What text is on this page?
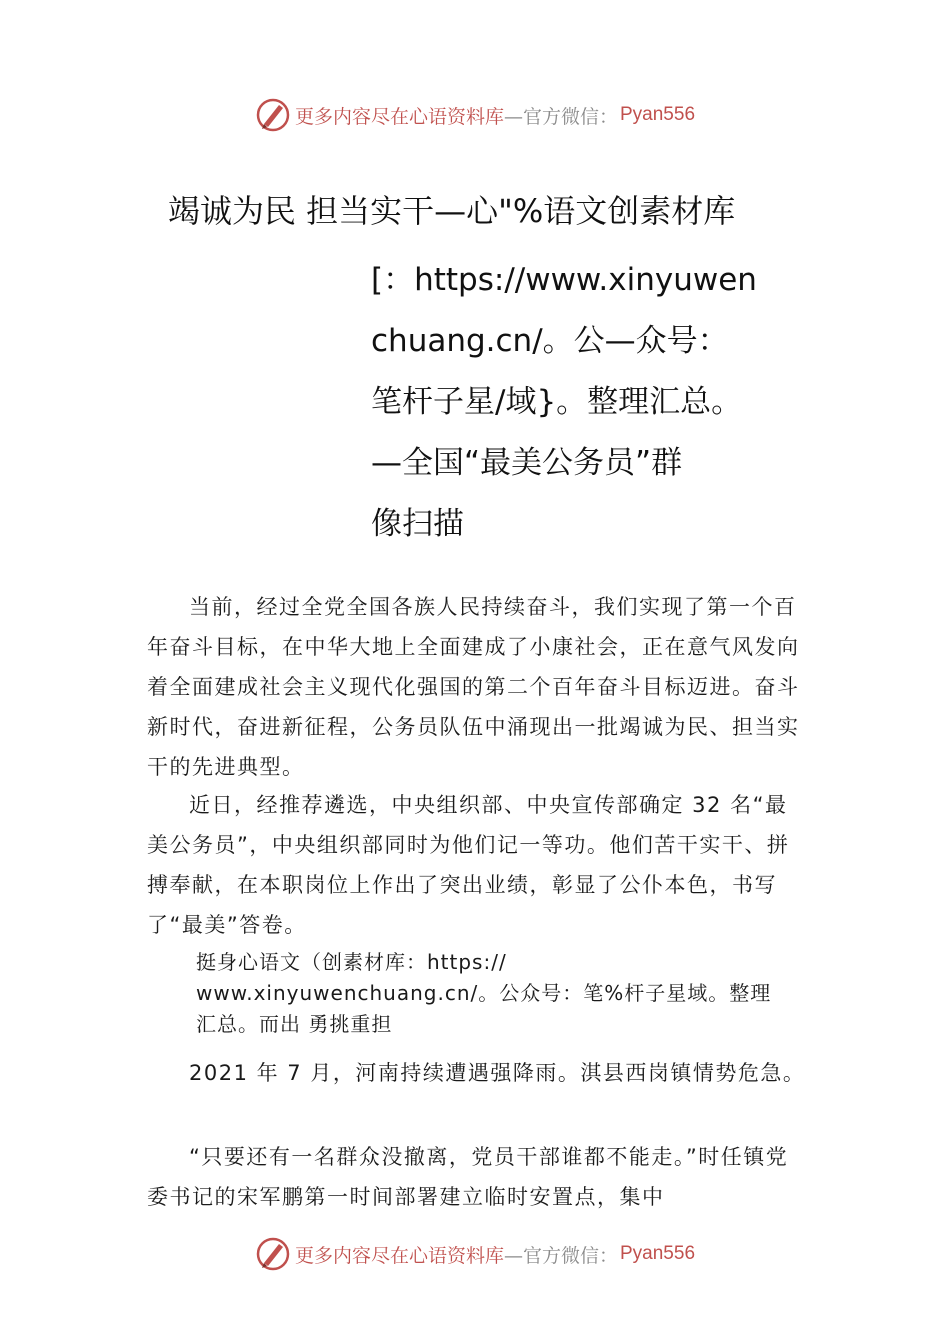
更多内容尽在心语资料库 —官方微信： Pyan556
竭诚为民 担当实干—心"%语文创素材库
[：https://www.xinyuwen
chuang.cn/。公—众号：
笔杆子星/域}。整理汇总。
—全国“最美公务员”群
像扫描
当前，经过全党全国各族人民持续奋斗，我们实现了第一个百年奋斗目标，在中华大地上全面建成了小康社会，正在意气风发向着全面建成社会主义现代化强国的第二个百年奋斗目标迈进。奋斗新时代，奋进新征程，公务员队伍中涌现出一批竭诚为民、担当实干的先进典型。
近日，经推荐遴选，中央组织部、中央宣传部确定 32 名“最美公务员”，中央组织部同时为他们记一等功。他们苦干实干、拼搏奉献，在本职岗位上作出了突出业绩，彰显了公仆本色，书写了“最美”答卷。
挺身心语文（创素材库：https://
www.xinyuwenchuang.cn/。公众号：笔%杆子星域。整理
汇总。而出 勇挑重担
2021 年 7 月，河南持续遭遇强降雨。淇县西岗镇情势危急。
“只要还有一名群众没撤离，党员干部谁都不能走。”时任镇党委书记的宋军鹏第一时间部署建立临时安置点，集中
更多内容尽在心语资料库 —官方微信： Pyan556
